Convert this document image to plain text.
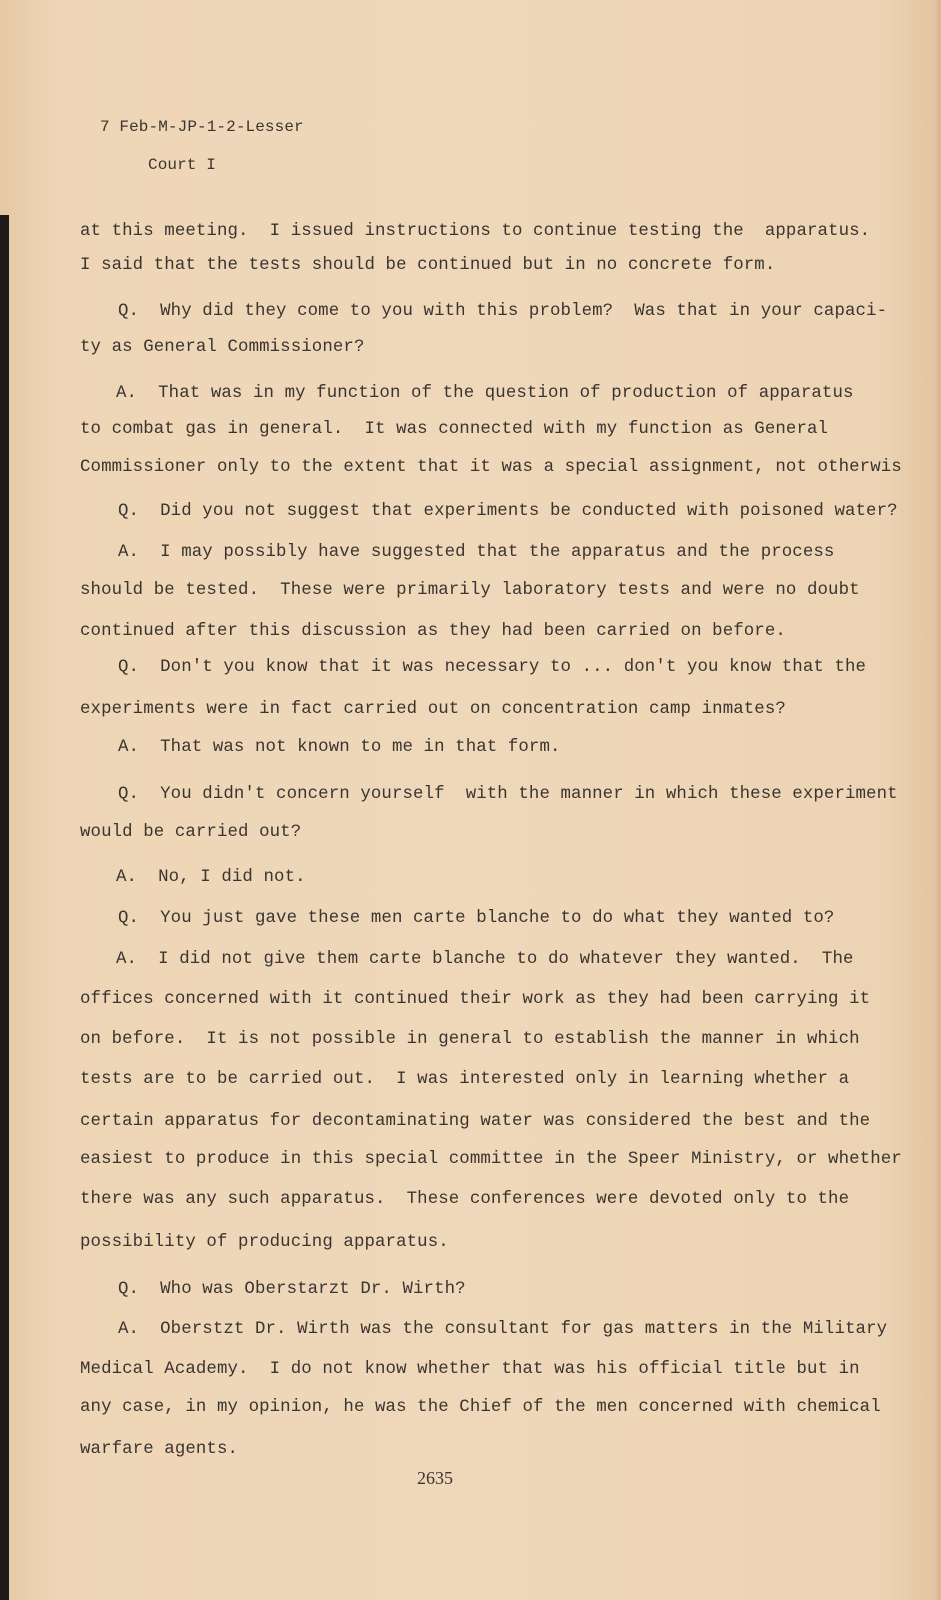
7 Feb-M-JP-1-2-Lesser
Court I
at this meeting.  I issued instructions to continue testing the  apparatus.
I said that the tests should be continued but in no concrete form.
Q.  Why did they come to you with this problem?  Was that in your capaci-
ty as General Commissioner?
A.  That was in my function of the question of production of apparatus
to combat gas in general.  It was connected with my function as General
Commissioner only to the extent that it was a special assignment, not otherwis
Q.  Did you not suggest that experiments be conducted with poisoned water?
A.  I may possibly have suggested that the apparatus and the process
should be tested.  These were primarily laboratory tests and were no doubt
continued after this discussion as they had been carried on before.
Q.  Don't you know that it was necessary to ... don't you know that the
experiments were in fact carried out on concentration camp inmates?
A.  That was not known to me in that form.
Q.  You didn't concern yourself  with the manner in which these experiment
would be carried out?
A.  No, I did not.
Q.  You just gave these men carte blanche to do what they wanted to?
A.  I did not give them carte blanche to do whatever they wanted.  The
offices concerned with it continued their work as they had been carrying it
on before.  It is not possible in general to establish the manner in which
tests are to be carried out.  I was interested only in learning whether a
certain apparatus for decontaminating water was considered the best and the
easiest to produce in this special committee in the Speer Ministry, or whether
there was any such apparatus.  These conferences were devoted only to the
possibility of producing apparatus.
Q.  Who was Oberstarzt Dr. Wirth?
A.  Oberstzt Dr. Wirth was the consultant for gas matters in the Military
Medical Academy.  I do not know whether that was his official title but in
any case, in my opinion, he was the Chief of the men concerned with chemical
warfare agents.
2635
